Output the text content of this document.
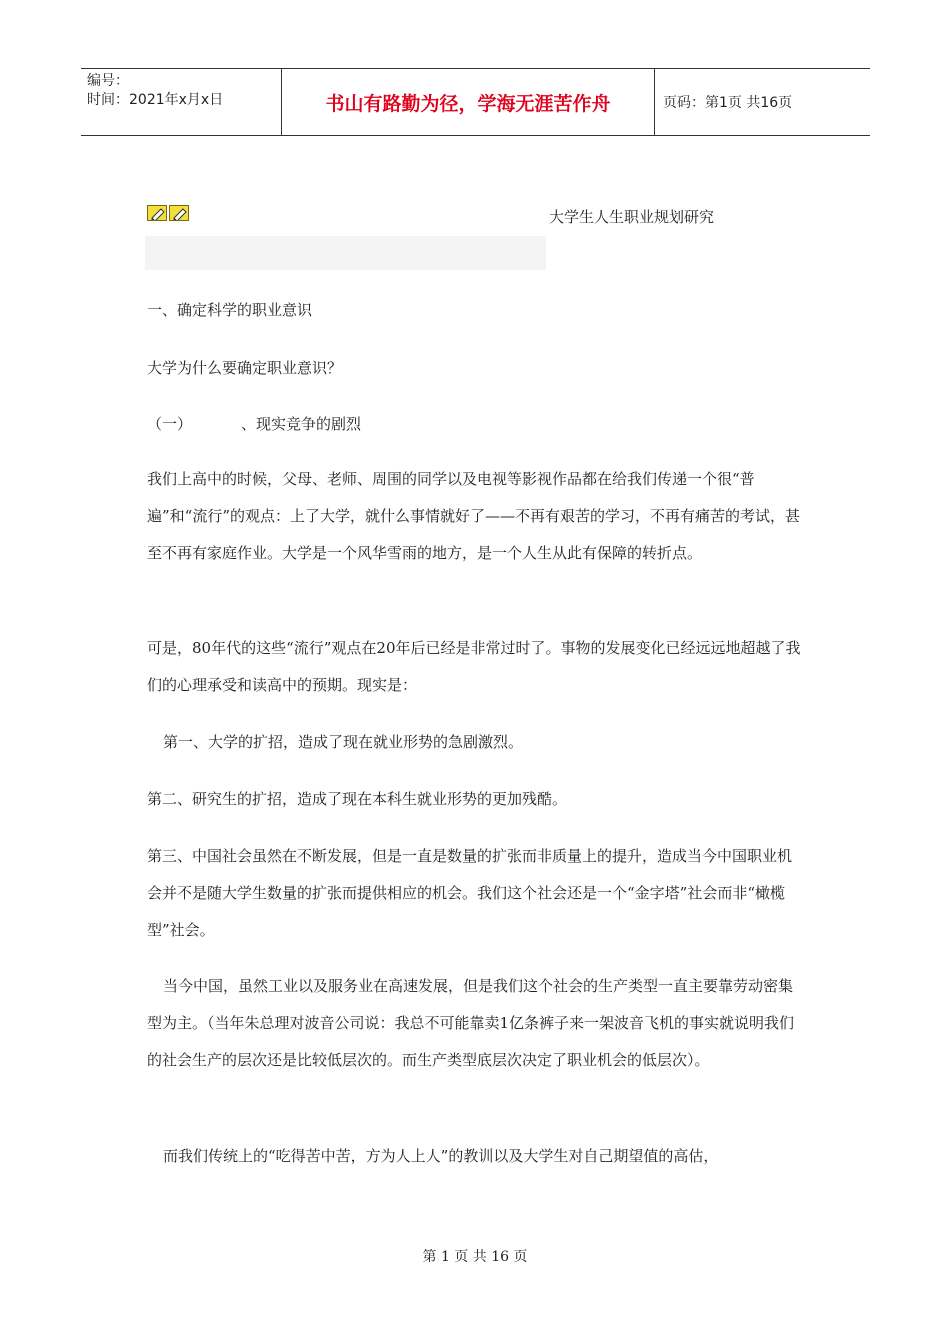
编号：
时间：2021年x月x日	书山有路勤为径，学海无涯苦作舟	页码：第1页 共16页
大学生人生职业规划研究
一、确定科学的职业意识
大学为什么要确定职业意识？
（一）	、现实竞争的剧烈
我们上高中的时候，父母、老师、周围的同学以及电视等影视作品都在给我们传递一个很“普遍”和“流行”的观点：上了大学，就什么事情就好了——不再有艰苦的学习，不再有痛苦的考试，甚至不再有家庭作业。大学是一个风华雪雨的地方，是一个人生从此有保障的转折点。
可是，80年代的这些“流行”观点在20年后已经是非常过时了。事物的发展变化已经远远地超越了我们的心理承受和读高中的预期。现实是：
第一、大学的扩招，造成了现在就业形势的急剧激烈。
第二、研究生的扩招，造成了现在本科生就业形势的更加残酷。
第三、中国社会虽然在不断发展，但是一直是数量的扩张而非质量上的提升，造成当今中国职业机会并不是随大学生数量的扩张而提供相应的机会。我们这个社会还是一个“金字塔”社会而非“橄榄型”社会。
当今中国，虽然工业以及服务业在高速发展，但是我们这个社会的生产类型一直主要靠劳动密集型为主。（当年朱总理对波音公司说：我总不可能靠卖1亿条裤子来一架波音飞机的事实就说明我们的社会生产的层次还是比较低层次的。而生产类型底层次决定了职业机会的低层次）。
而我们传统上的“吃得苦中苦，方为人上人”的教训以及大学生对自己期望值的高估，
第 1 页 共 16 页
